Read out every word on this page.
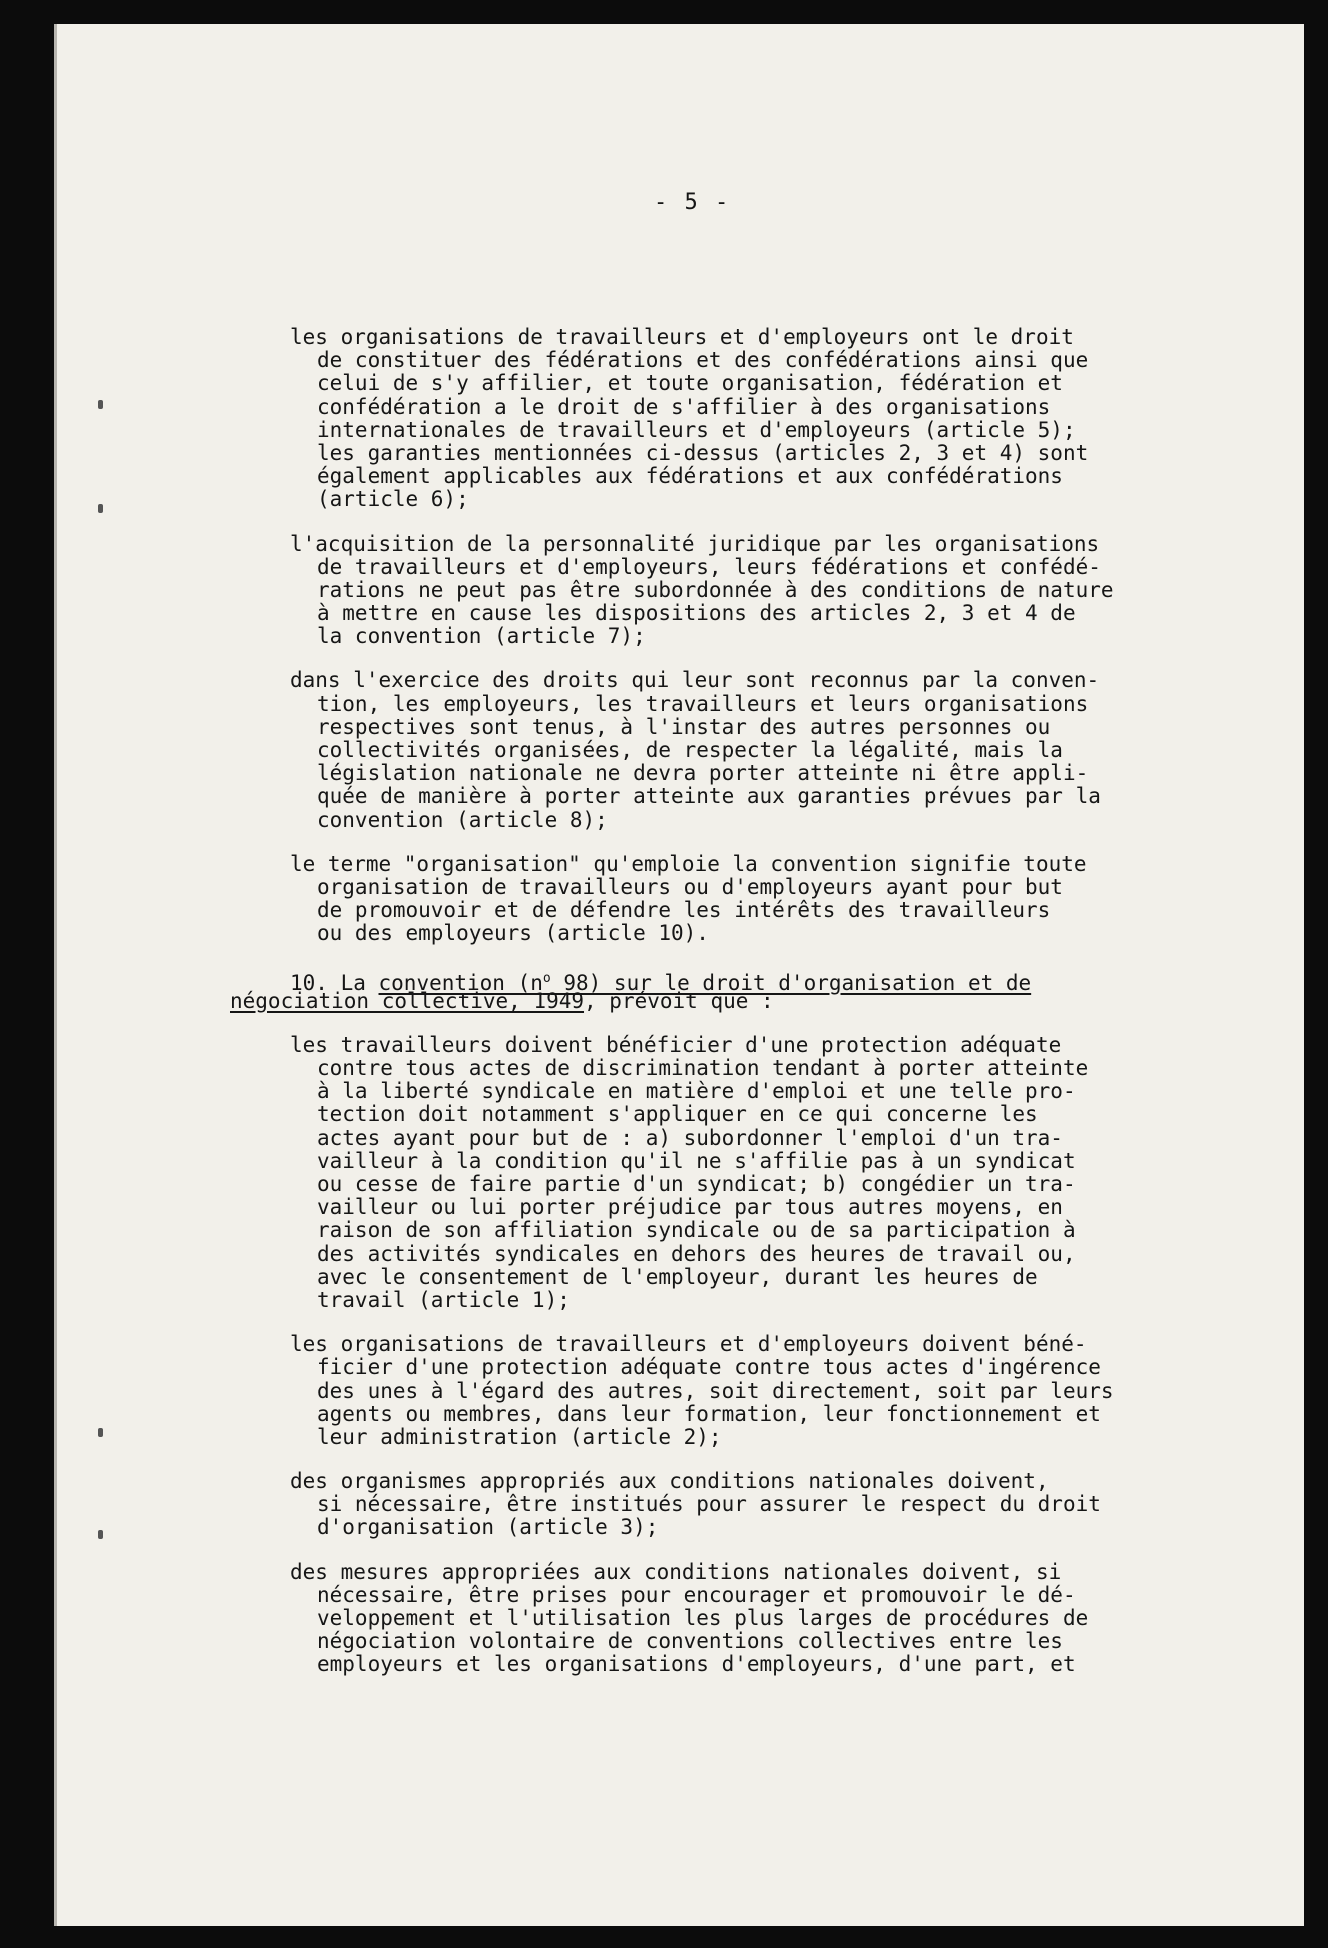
- 5 -
les organisations de travailleurs et d'employeurs ont le droit
de constituer des fédérations et des confédérations ainsi que
celui de s'y affilier, et toute organisation, fédération et
confédération a le droit de s'affilier à des organisations
internationales de travailleurs et d'employeurs (article 5);
les garanties mentionnées ci-dessus (articles 2, 3 et 4) sont
également applicables aux fédérations et aux confédérations
(article 6);
l'acquisition de la personnalité juridique par les organisations
de travailleurs et d'employeurs, leurs fédérations et confédé-
rations ne peut pas être subordonnée à des conditions de nature
à mettre en cause les dispositions des articles 2, 3 et 4 de
la convention (article 7);
dans l'exercice des droits qui leur sont reconnus par la conven-
tion, les employeurs, les travailleurs et leurs organisations
respectives sont tenus, à l'instar des autres personnes ou
collectivités organisées, de respecter la légalité, mais la
législation nationale ne devra porter atteinte ni être appli-
quée de manière à porter atteinte aux garanties prévues par la
convention (article 8);
le terme "organisation" qu'emploie la convention signifie toute
organisation de travailleurs ou d'employeurs ayant pour but
de promouvoir et de défendre les intérêts des travailleurs
ou des employeurs (article 10).
10. La convention ($n^o$ 98) sur le droit d'organisation et de
négociation collective, 1949, prévoit que :
les travailleurs doivent bénéficier d'une protection adéquate
contre tous actes de discrimination tendant à porter atteinte
à la liberté syndicale en matière d'emploi et une telle pro-
tection doit notamment s'appliquer en ce qui concerne les
actes ayant pour but de : a) subordonner l'emploi d'un tra-
vailleur à la condition qu'il ne s'affilie pas à un syndicat
ou cesse de faire partie d'un syndicat; b) congédier un tra-
vailleur ou lui porter préjudice par tous autres moyens, en
raison de son affiliation syndicale ou de sa participation à
des activités syndicales en dehors des heures de travail ou,
avec le consentement de l'employeur, durant les heures de
travail (article 1);
les organisations de travailleurs et d'employeurs doivent béné-
ficier d'une protection adéquate contre tous actes d'ingérence
des unes à l'égard des autres, soit directement, soit par leurs
agents ou membres, dans leur formation, leur fonctionnement et
leur administration (article 2);
des organismes appropriés aux conditions nationales doivent,
si nécessaire, être institués pour assurer le respect du droit
d'organisation (article 3);
des mesures appropriées aux conditions nationales doivent, si
nécessaire, être prises pour encourager et promouvoir le dé-
veloppement et l'utilisation les plus larges de procédures de
négociation volontaire de conventions collectives entre les
employeurs et les organisations d'employeurs, d'une part, et
